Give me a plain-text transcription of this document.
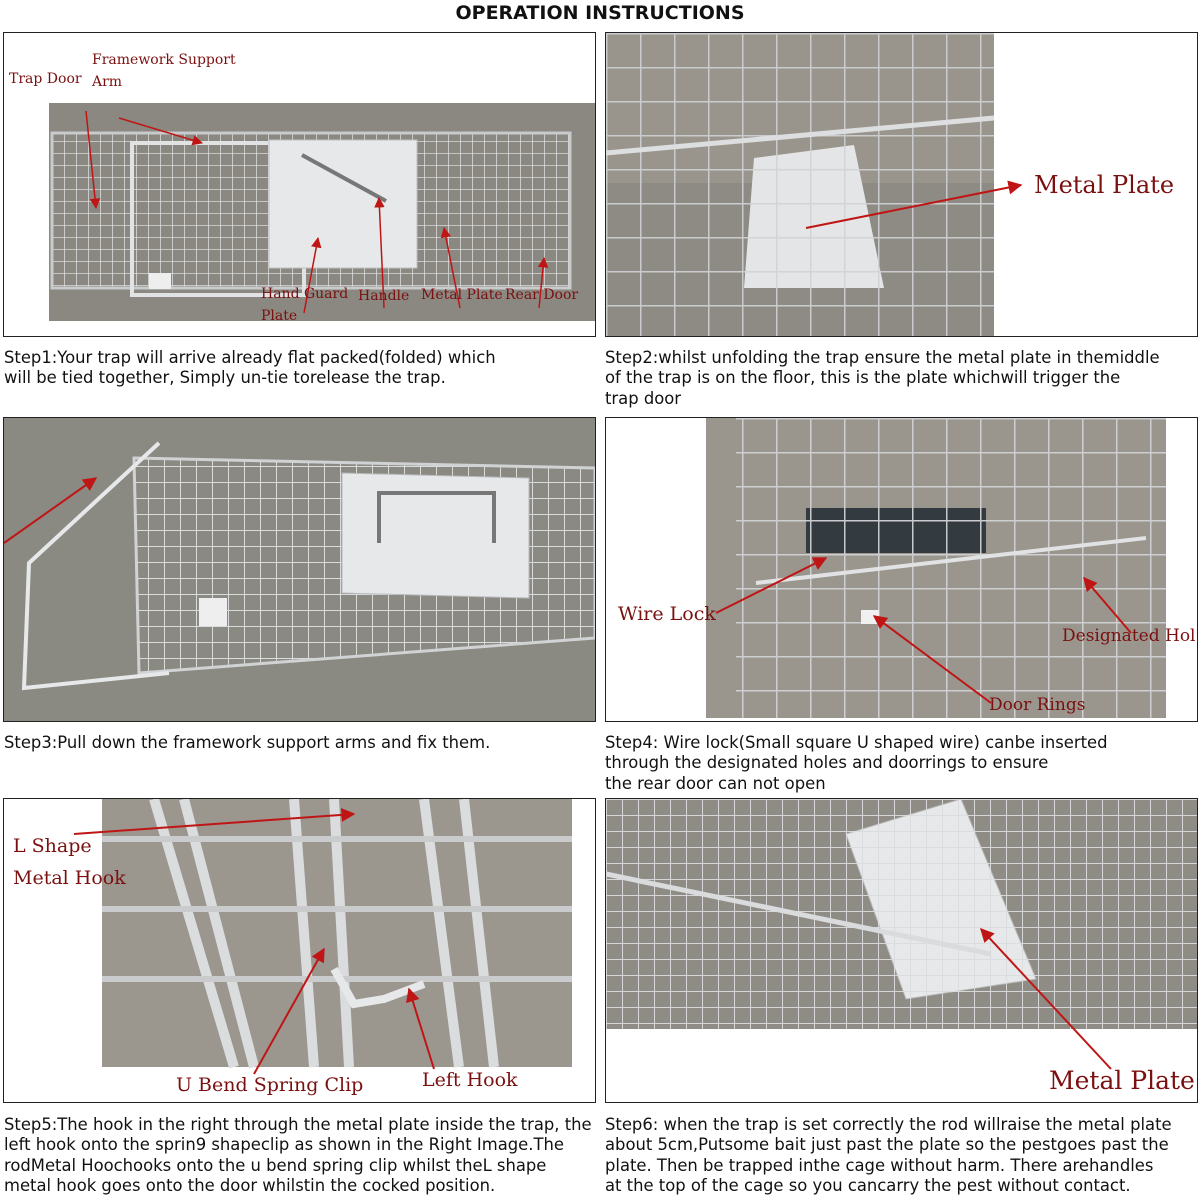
OPERATION INSTRUCTIONS
Trap Door
Framework Support
Arm
Hand Guard
Plate
Handle Metal Plate Rear Door
Metal Plate
Step1:Your trap will arrive already flat packed(folded) which
will be tied together, Simply un-tie torelease the trap.
Step2:whilst unfolding the trap ensure the metal plate in themiddle
of the trap is on the floor, this is the plate whichwill trigger the
trap door
Wire Lock
Designated Hol
Door Rings
Step3:Pull down the framework support arms and fix them.	Step4: Wire lock(Small square U shaped wire) canbe inserted
through the designated holes and doorrings to ensure
the rear door can not open
L Shape
Metal Hook
U Bend Spring Clip	Left Hook	Metal Plate
Step5:The hook in the right through the metal plate inside the trap, the
left hook onto the sprin9 shapeclip as shown in the Right Image.The
rodMetal Hoochooks onto the u bend spring clip whilst theL shape
metal hook goes onto the door whilstin the cocked position.
Step6: when the trap is set correctly the rod willraise the metal plate
about 5cm,Putsome bait just past the plate so the pestgoes past the
plate. Then be trapped inthe cage without harm. There arehandles
at the top of the cage so you cancarry the pest without contact.
